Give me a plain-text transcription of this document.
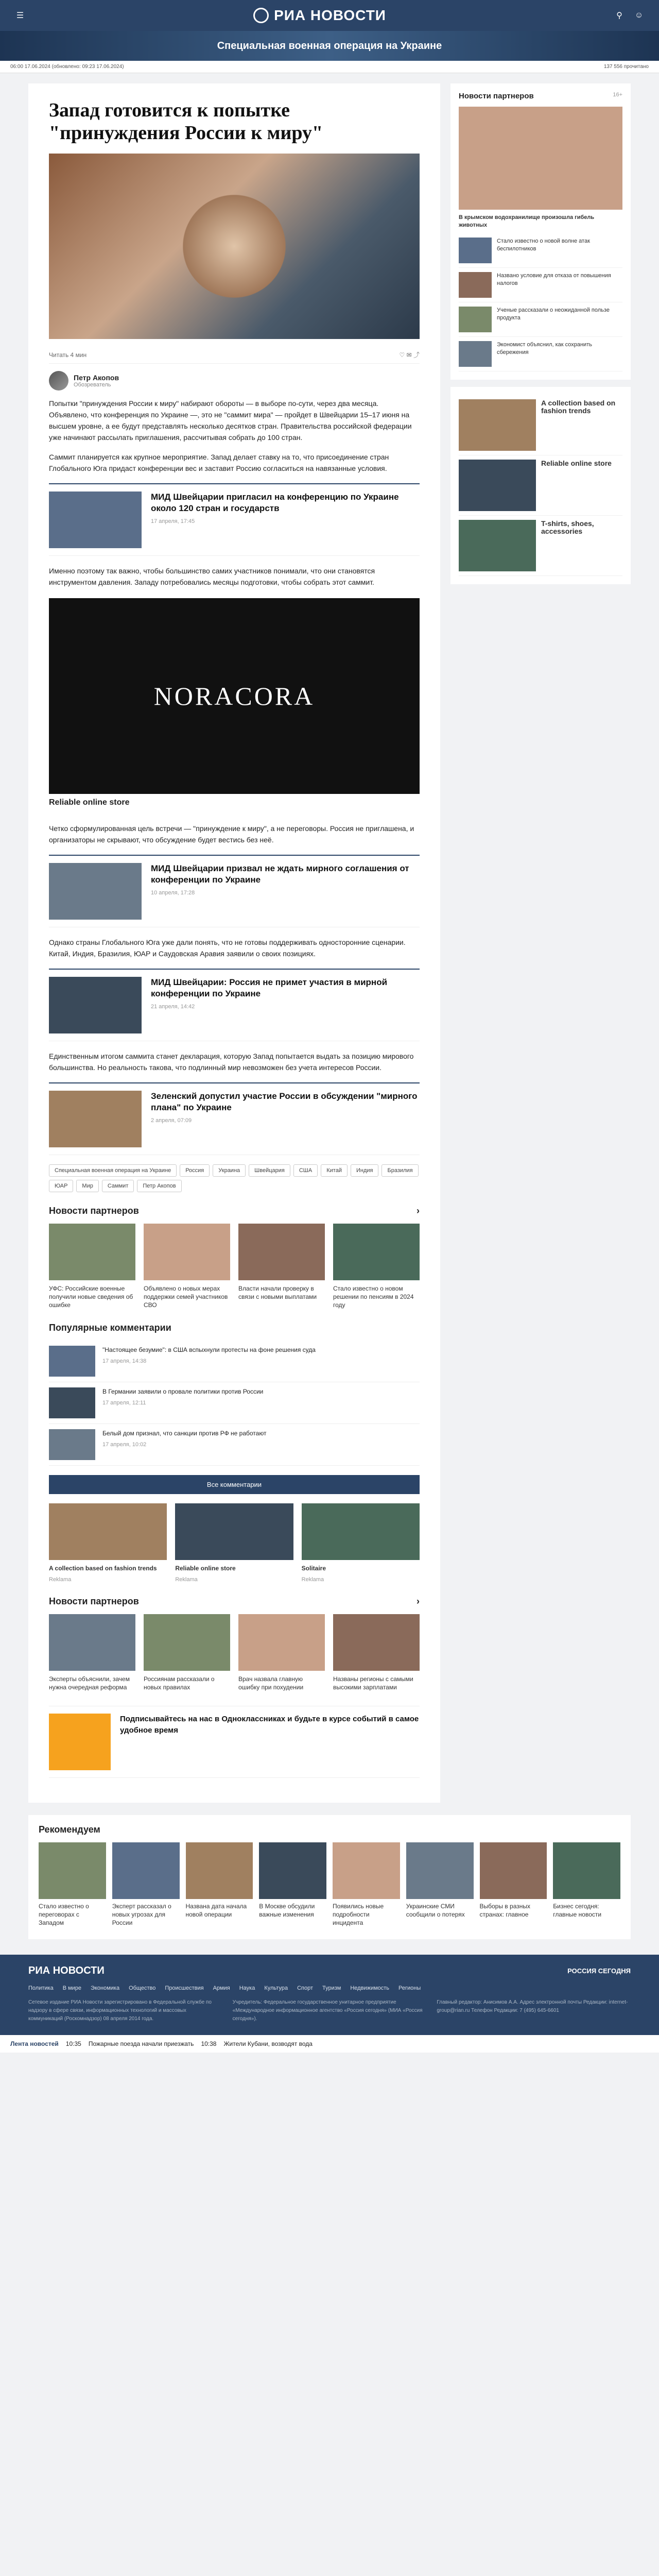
☰	РИА НОВОСТИ	⚲	☺
Специальная военная операция на Украине
06:00 17.06.2024 (обновлено: 09:23 17.06.2024)	137 556 прочитано
Запад готовится к попытке "принуждения России к миру"
Читать 4 мин	♡ ✉ ⤴
Петр Акопов
Обозреватель

Попытки "принуждения России к миру" набирают обороты — в выборе по-сути, через два месяца. Объявлено, что конференция по Украине ―, это не "саммит мира" ― пройдет в Швейцарии 15–17 июня на высшем уровне, а ее будут представлять несколько десятков стран. Правительства российской федерации уже начинают рассылать приглашения, рассчитывая собрать до 100 стран.

Саммит планируется как крупное мероприятие. Запад делает ставку на то, что присоединение стран Глобального Юга придаст конференции вес и заставит Россию согласиться на навязанные условия.

МИД Швейцарии пригласил на конференцию по Украине около 120 стран и государств
17 апреля, 17:45

Именно поэтому так важно, чтобы большинство самих участников понимали, что они становятся инструментом давления. Западу потребовались месяцы подготовки, чтобы собрать этот саммит.

NORACORA
Reliable online store

Четко сформулированная цель встречи — "принуждение к миру", а не переговоры. Россия не приглашена, и организаторы не скрывают, что обсуждение будет вестись без неё.

МИД Швейцарии призвал не ждать мирного соглашения от конференции по Украине
10 апреля, 17:28

Однако страны Глобального Юга уже дали понять, что не готовы поддерживать односторонние сценарии. Китай, Индия, Бразилия, ЮАР и Саудовская Аравия заявили о своих позициях.

МИД Швейцарии: Россия не примет участия в мирной конференции по Украине
21 апреля, 14:42

Единственным итогом саммита станет декларация, которую Запад попытается выдать за позицию мирового большинства. Но реальность такова, что подлинный мир невозможен без учета интересов России.

Зеленский допустил участие России в обсуждении "мирного плана" по Украине
2 апреля, 07:09
Специальная военная операция на Украине	Россия	Украина	Швейцария	США	Китай	Индия	Бразилия
ЮАР	Мир	Саммит	Петр Акопов
Новости партнеров	›
УФС: Российские военные получили новые сведения об ошибке
Объявлено о новых мерах поддержки семей участников СВО
Власти начали проверку в связи с новыми выплатами
Стало известно о новом решении по пенсиям в 2024 году
Популярные комментарии
"Настоящее безумие": в США вспыхнули протесты на фоне решения суда
17 апреля, 14:38
В Германии заявили о провале политики против России
17 апреля, 12:11
Белый дом признал, что санкции против РФ не работают
17 апреля, 10:02
Все комментарии
A collection based on fashion trends
Reklama
Reliable online store
Reklama
Solitaire
Reklama
Новости партнеров	›
Эксперты объяснили, зачем нужна очередная реформа
Россиянам рассказали о новых правилах
Врач назвала главную ошибку при похудении
Названы регионы с самыми высокими зарплатами
Подписывайтесь на нас в Одноклассниках и будьте в курсе событий в самое удобное время
Новости партнеров	16+
В крымском водохранилище произошла гибель животных
Стало известно о новой волне атак беспилотников
Названо условие для отказа от повышения налогов
Ученые рассказали о неожиданной пользе продукта
Экономист объяснил, как сохранить сбережения
A collection based on fashion trends
Reliable online store
T-shirts, shoes, accessories
Рекомендуем
Стало известно о переговорах с Западом
Эксперт рассказал о новых угрозах для России
Названа дата начала новой операции
В Москве обсудили важные изменения
Появились новые подробности инцидента
Украинские СМИ сообщили о потерях
Выборы в разных странах: главное
Бизнес сегодня: главные новости
РИА НОВОСТИ	РОССИЯ СЕГОДНЯ
Политика В мире Экономика Общество Происшествия Армия Наука Культура Спорт Туризм Недвижимость Регионы

Сетевое издание РИА Новости зарегистрировано в Федеральной службе по надзору в сфере связи, информационных технологий и массовых коммуникаций (Роскомнадзор) 08 апреля 2014 года.

Учредитель: Федеральное государственное унитарное предприятие «Международное информационное агентство «Россия сегодня» (МИА «Россия сегодня»).

Главный редактор: Анисимов А.А. Адрес электронной почты Редакции: internet-group@rian.ru Телефон Редакции: 7 (495) 645-6601

Лента новостей 10:35 Пожарные поезда начали приезжать 10:38 Жители Кубани, возводят вода
